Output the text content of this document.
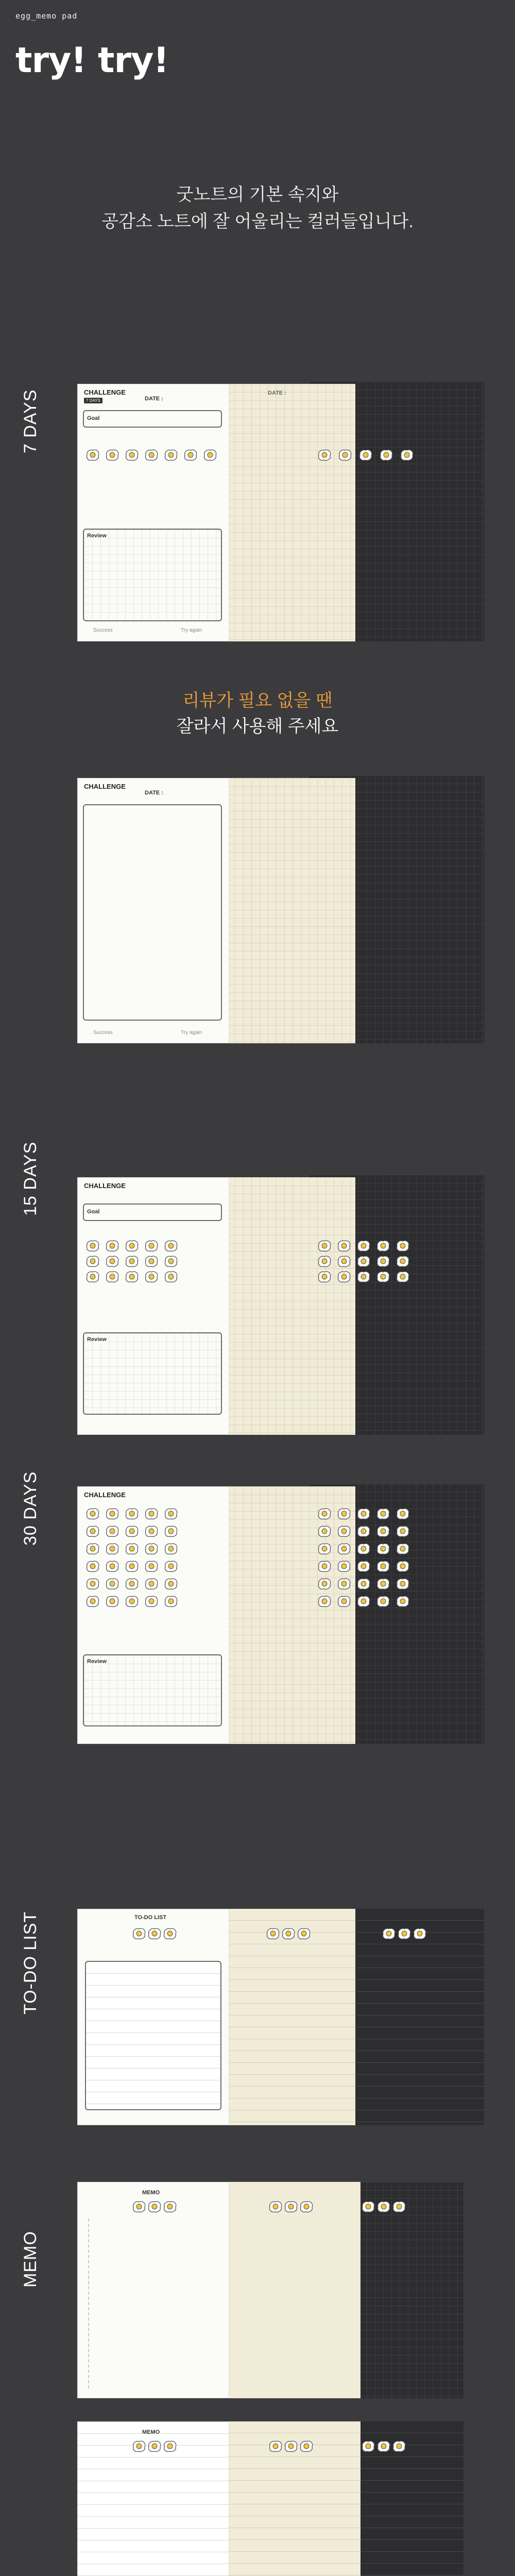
egg_memo pad
try! try!
굿노트의 기본 속지와
공감소 노트에 잘 어울리는 컬러들입니다.
7 DAYS
15 DAYS
30 DAYS
TO-DO LIST
MEMO
DATE :
CHALLENGE
7 DAYS	DATE :
Goal
Review
Success	Try again
리뷰가 필요 없을 땐
잘라서 사용해 주세요
CHALLENGE
DATE :
Success	Try again
CHALLENGE
Goal
Review
CHALLENGE
Review
TO-DO LIST
MEMO
MEMO
